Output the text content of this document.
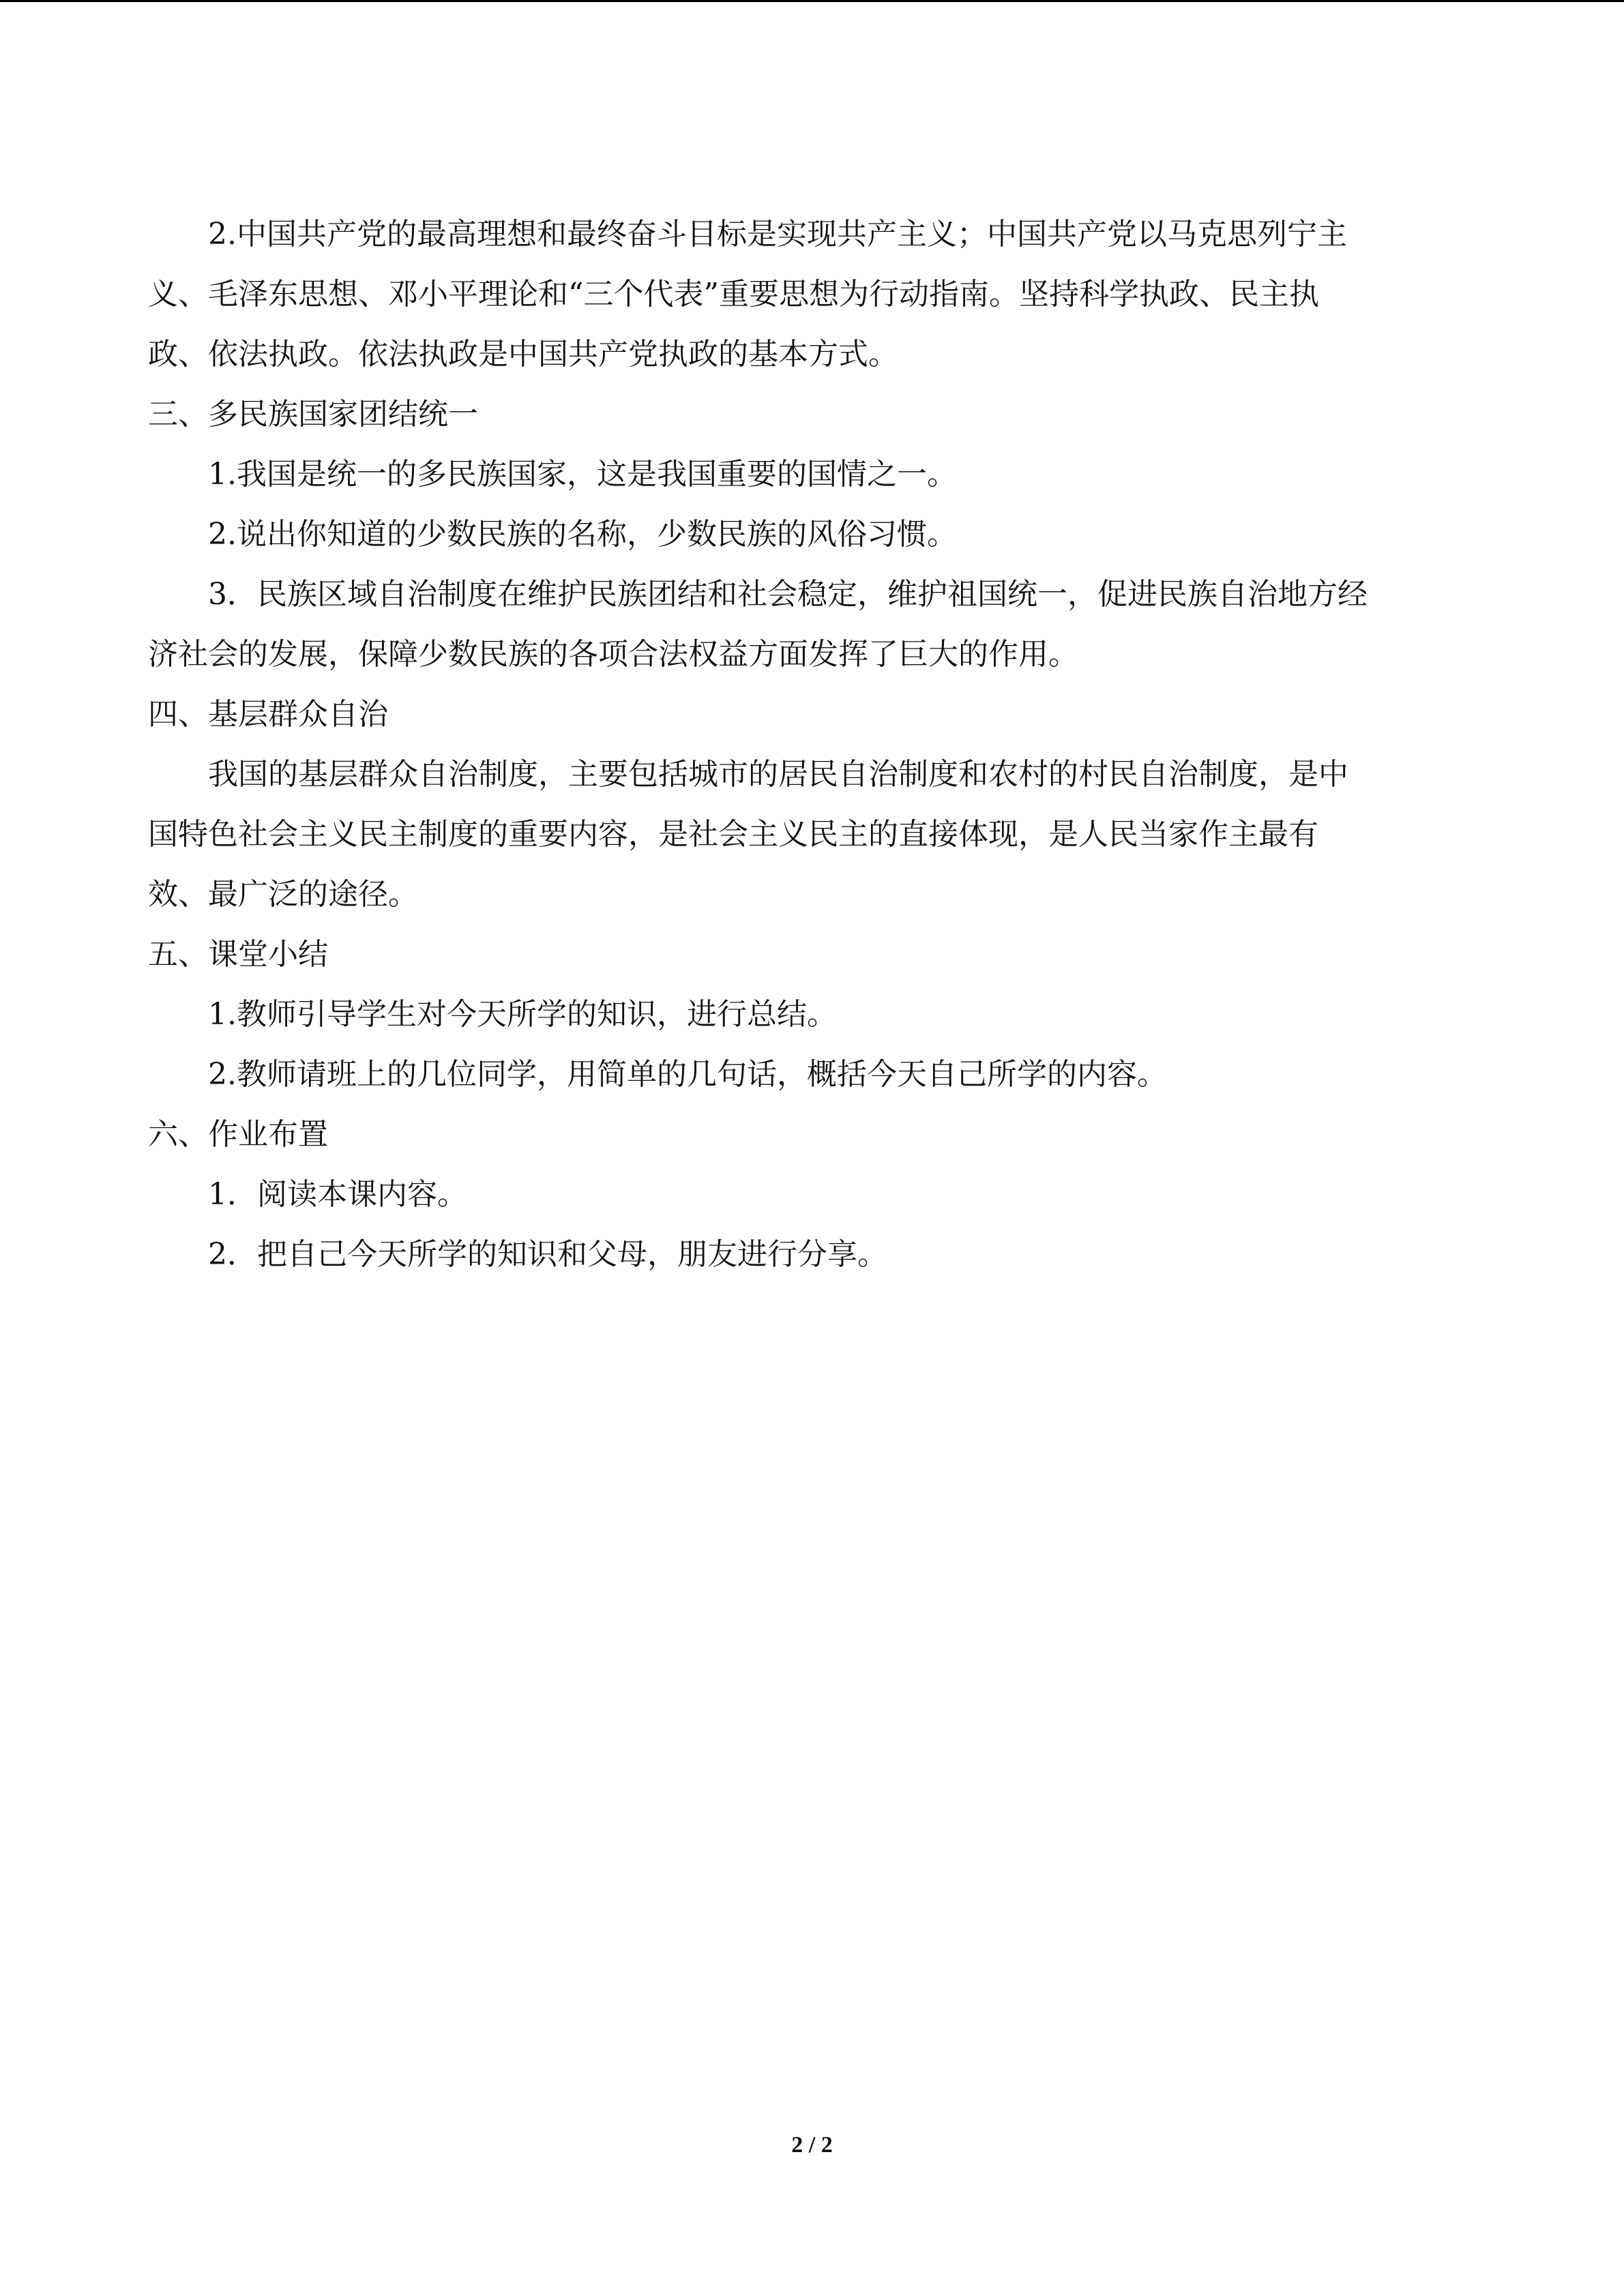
2.中国共产党的最高理想和最终奋斗目标是实现共产主义；中国共产党以马克思列宁主
义、毛泽东思想、邓小平理论和“三个代表”重要思想为行动指南。坚持科学执政、民主执
政、依法执政。依法执政是中国共产党执政的基本方式。
三、多民族国家团结统一
1.我国是统一的多民族国家，这是我国重要的国情之一。
2.说出你知道的少数民族的名称，少数民族的风俗习惯。
3．民族区域自治制度在维护民族团结和社会稳定，维护祖国统一，促进民族自治地方经
济社会的发展，保障少数民族的各项合法权益方面发挥了巨大的作用。
四、基层群众自治
我国的基层群众自治制度，主要包括城市的居民自治制度和农村的村民自治制度，是中
国特色社会主义民主制度的重要内容，是社会主义民主的直接体现，是人民当家作主最有
效、最广泛的途径。
五、课堂小结
1.教师引导学生对今天所学的知识，进行总结。
2.教师请班上的几位同学，用简单的几句话，概括今天自己所学的内容。
六、作业布置
1．阅读本课内容。
2．把自己今天所学的知识和父母，朋友进行分享。
2 / 2
